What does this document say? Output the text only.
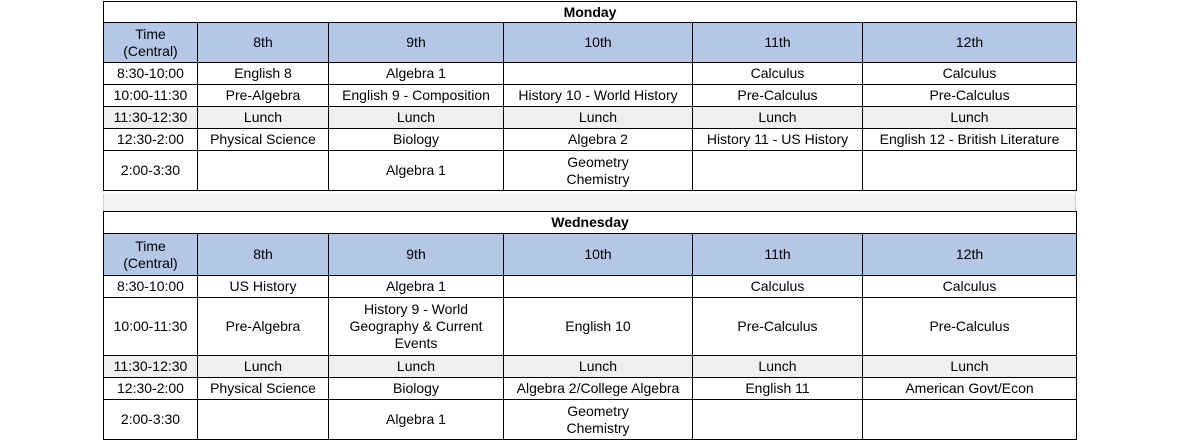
Monday					
Time
(Central)	8th	9th	10th	11th	12th
8:30-10:00	English 8	Algebra 1		Calculus	Calculus
10:00-11:30	Pre-Algebra	English 9 - Composition	History 10 - World History	Pre-Calculus	Pre-Calculus
11:30-12:30	Lunch	Lunch	Lunch	Lunch	Lunch
12:30-2:00	Physical Science	Biology	Algebra 2	History 11 - US History	English 12 - British Literature
2:00-3:30		Algebra 1	Geometry
Chemistry		
Wednesday					
Time
(Central)	8th	9th	10th	11th	12th
8:30-10:00	US History	Algebra 1		Calculus	Calculus
10:00-11:30	Pre-Algebra	History 9 - World
Geography & Current
Events	English 10	Pre-Calculus	Pre-Calculus
11:30-12:30	Lunch	Lunch	Lunch	Lunch	Lunch
12:30-2:00	Physical Science	Biology	Algebra 2/College Algebra	English 11	American Govt/Econ
2:00-3:30		Algebra 1	Geometry
Chemistry		
